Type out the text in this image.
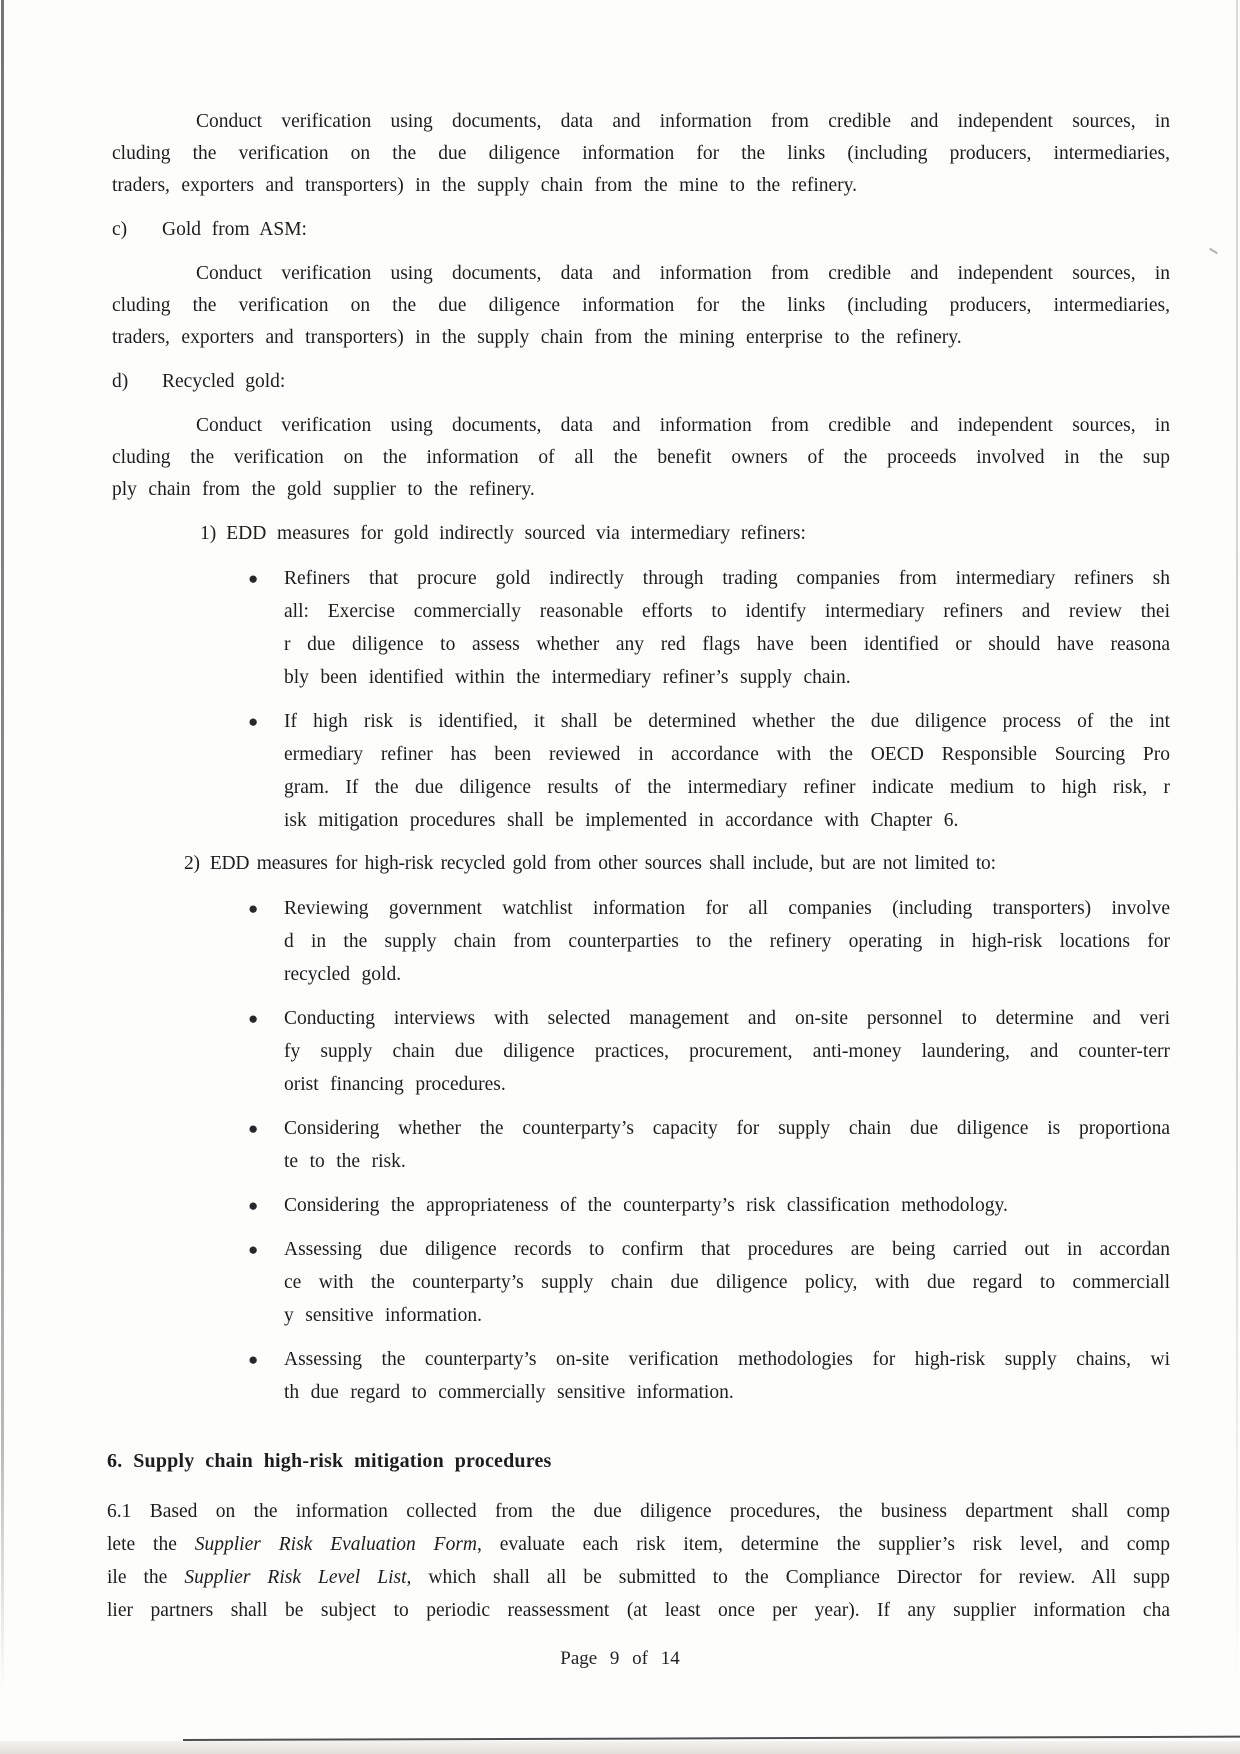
Conduct verification using documents, data and information from credible and independent sources, in
cluding the verification on the due diligence information for the links (including producers, intermediaries,
traders, exporters and transporters) in the supply chain from the mine to the refinery.
c) Gold from ASM:
Conduct verification using documents, data and information from credible and independent sources, in
cluding the verification on the due diligence information for the links (including producers, intermediaries,
traders, exporters and transporters) in the supply chain from the mining enterprise to the refinery.
d) Recycled gold:
Conduct verification using documents, data and information from credible and independent sources, in
cluding the verification on the information of all the benefit owners of the proceeds involved in the sup
ply chain from the gold supplier to the refinery.
1) EDD measures for gold indirectly sourced via intermediary refiners:
●	Refiners that procure gold indirectly through trading companies from intermediary refiners sh
all: Exercise commercially reasonable efforts to identify intermediary refiners and review thei
r due diligence to assess whether any red flags have been identified or should have reasona
bly been identified within the intermediary refiner’s supply chain.
●	If high risk is identified, it shall be determined whether the due diligence process of the int
ermediary refiner has been reviewed in accordance with the OECD Responsible Sourcing Pro
gram. If the due diligence results of the intermediary refiner indicate medium to high risk, r
isk mitigation procedures shall be implemented in accordance with Chapter 6.
2) EDD measures for high-risk recycled gold from other sources shall include, but are not limited to:
●	Reviewing government watchlist information for all companies (including transporters) involve
d in the supply chain from counterparties to the refinery operating in high-risk locations for
recycled gold.
●	Conducting interviews with selected management and on-site personnel to determine and veri
fy supply chain due diligence practices, procurement, anti-money laundering, and counter-terr
orist financing procedures.
●	Considering whether the counterparty’s capacity for supply chain due diligence is proportiona
te to the risk.
●	Considering the appropriateness of the counterparty’s risk classification methodology.
●	Assessing due diligence records to confirm that procedures are being carried out in accordan
ce with the counterparty’s supply chain due diligence policy, with due regard to commerciall
y sensitive information.
●	Assessing the counterparty’s on-site verification methodologies for high-risk supply chains, wi
th due regard to commercially sensitive information.
6. Supply chain high-risk mitigation procedures
6.1 Based on the information collected from the due diligence procedures, the business department shall comp
lete the Supplier Risk Evaluation Form, evaluate each risk item, determine the supplier’s risk level, and comp
ile the Supplier Risk Level List, which shall all be submitted to the Compliance Director for review. All supp
lier partners shall be subject to periodic reassessment (at least once per year). If any supplier information cha
Page 9 of 14
